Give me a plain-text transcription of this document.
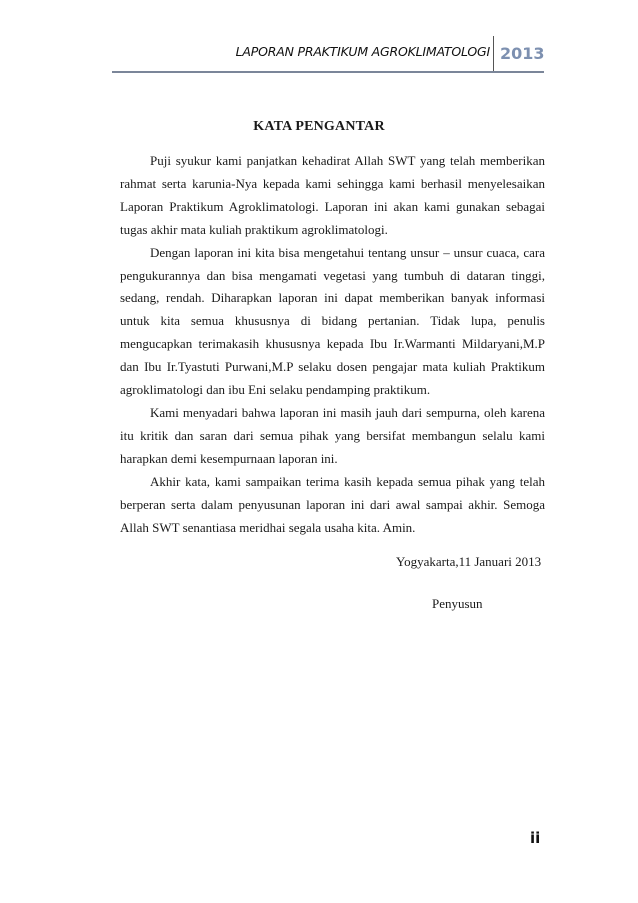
LAPORAN PRAKTIKUM AGROKLIMATOLOGI 2013
KATA PENGANTAR

Puji syukur kami panjatkan kehadirat Allah SWT yang telah memberikan rahmat serta karunia-Nya kepada kami sehingga kami berhasil menyelesaikan Laporan Praktikum Agroklimatologi. Laporan ini akan kami gunakan sebagai tugas akhir mata kuliah praktikum agroklimatologi.

Dengan laporan ini kita bisa mengetahui tentang unsur – unsur cuaca, cara pengukurannya dan bisa mengamati vegetasi yang tumbuh di dataran tinggi, sedang, rendah. Diharapkan laporan ini dapat memberikan banyak informasi untuk kita semua khususnya di bidang pertanian. Tidak lupa, penulis mengucapkan terimakasih khususnya kepada Ibu Ir.Warmanti Mildaryani,M.P dan Ibu Ir.Tyastuti Purwani,M.P selaku dosen pengajar mata kuliah Praktikum agroklimatologi dan ibu Eni selaku pendamping praktikum.

Kami menyadari bahwa laporan ini masih jauh dari sempurna, oleh karena itu kritik dan saran dari semua pihak yang bersifat membangun selalu kami harapkan demi kesempurnaan laporan ini.

Akhir kata, kami sampaikan terima kasih kepada semua pihak yang telah berperan serta dalam penyusunan laporan ini dari awal sampai akhir. Semoga Allah SWT senantiasa meridhai segala usaha kita. Amin.

Yogyakarta,11 Januari 2013
Penyusun
ii
